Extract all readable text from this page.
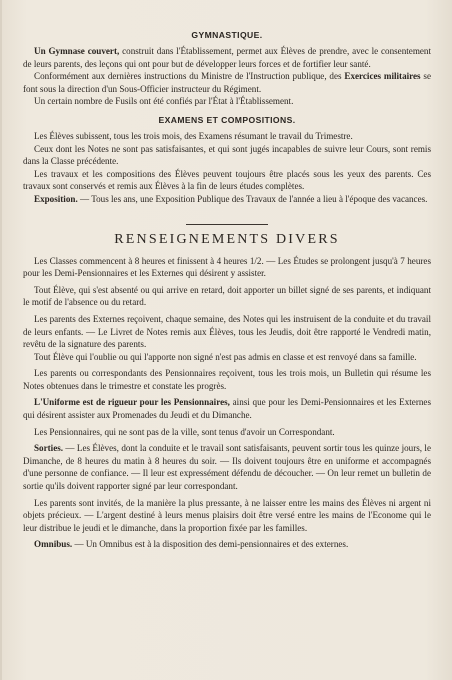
GYMNASTIQUE.

Un Gymnase couvert, construit dans l'Établissement, permet aux Élèves de prendre, avec le consentement de leurs parents, des leçons qui ont pour but de développer leurs forces et de fortifier leur santé.

Conformément aux dernières instructions du Ministre de l'Instruction publique, des Exercices militaires se font sous la direction d'un Sous-Officier instructeur du Régiment.

Un certain nombre de Fusils ont été confiés par l'État à l'Établissement.

EXAMENS ET COMPOSITIONS.

Les Élèves subissent, tous les trois mois, des Examens résumant le travail du Trimestre.

Ceux dont les Notes ne sont pas satisfaisantes, et qui sont jugés incapables de suivre leur Cours, sont remis dans la Classe précédente.

Les travaux et les compositions des Élèves peuvent toujours être placés sous les yeux des parents. Ces travaux sont conservés et remis aux Élèves à la fin de leurs études complètes.

Exposition. — Tous les ans, une Exposition Publique des Travaux de l'année a lieu à l'époque des vacances.

RENSEIGNEMENTS DIVERS

Les Classes commencent à 8 heures et finissent à 4 heures 1/2. — Les Études se prolongent jusqu'à 7 heures pour les Demi-Pensionnaires et les Externes qui désirent y assister.

Tout Élève, qui s'est absenté ou qui arrive en retard, doit apporter un billet signé de ses parents, et indiquant le motif de l'absence ou du retard.

Les parents des Externes reçoivent, chaque semaine, des Notes qui les instruisent de la conduite et du travail de leurs enfants. — Le Livret de Notes remis aux Élèves, tous les Jeudis, doit être rapporté le Vendredi matin, revêtu de la signature des parents.

Tout Élève qui l'oublie ou qui l'apporte non signé n'est pas admis en classe et est renvoyé dans sa famille.

Les parents ou correspondants des Pensionnaires reçoivent, tous les trois mois, un Bulletin qui résume les Notes obtenues dans le trimestre et constate les progrès.

L'Uniforme est de rigueur pour les Pensionnaires, ainsi que pour les Demi-Pensionnaires et les Externes qui désirent assister aux Promenades du Jeudi et du Dimanche.

Les Pensionnaires, qui ne sont pas de la ville, sont tenus d'avoir un Correspondant.

Sorties. — Les Élèves, dont la conduite et le travail sont satisfaisants, peuvent sortir tous les quinze jours, le Dimanche, de 8 heures du matin à 8 heures du soir. — Ils doivent toujours être en uniforme et accompagnés d'une personne de confiance. — Il leur est expressément défendu de découcher. — On leur remet un bulletin de sortie qu'ils doivent rapporter signé par leur correspondant.

Les parents sont invités, de la manière la plus pressante, à ne laisser entre les mains des Élèves ni argent ni objets précieux. — L'argent destiné à leurs menus plaisirs doit être versé entre les mains de l'Econome qui le leur distribue le jeudi et le dimanche, dans la proportion fixée par les familles.

Omnibus. — Un Omnibus est à la disposition des demi-pensionnaires et des externes.
